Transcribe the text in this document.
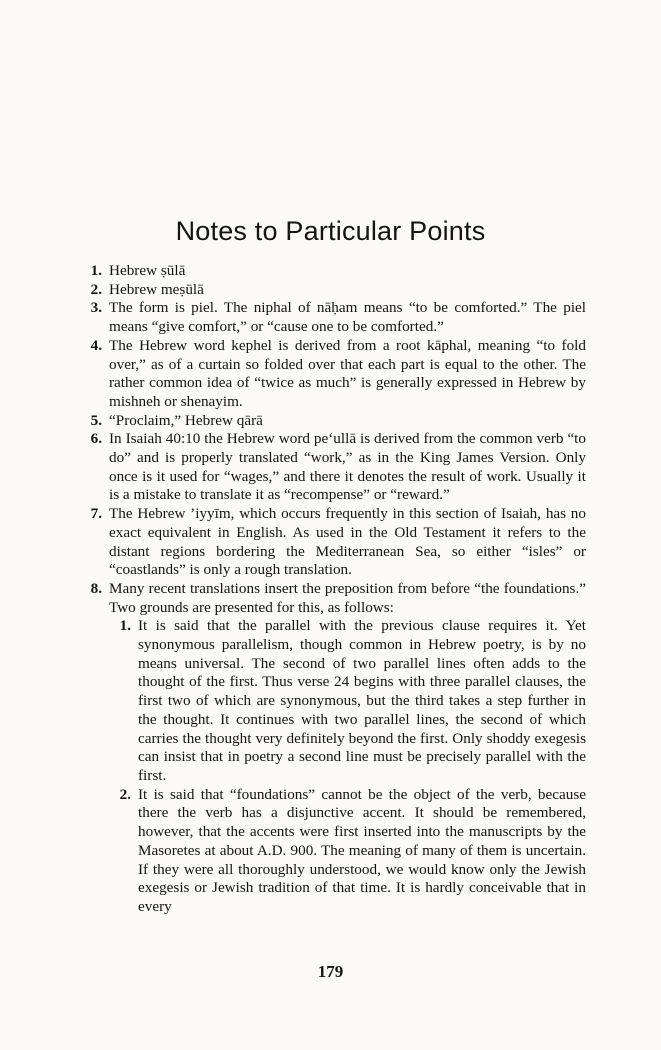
Notes to Particular Points
1. Hebrew ṣūlā
2. Hebrew meṣūlā
3. The form is piel. The niphal of nāḥam means “to be comforted.” The piel means “give comfort,” or “cause one to be comforted.”
4. The Hebrew word kephel is derived from a root kāphal, meaning “to fold over,” as of a curtain so folded over that each part is equal to the other. The rather common idea of “twice as much” is generally expressed in Hebrew by mishneh or shenayim.
5. “Proclaim,” Hebrew qārā
6. In Isaiah 40:10 the Hebrew word pe‘ullā is derived from the common verb “to do” and is properly translated “work,” as in the King James Version. Only once is it used for “wages,” and there it denotes the result of work. Usually it is a mistake to translate it as “recompense” or “reward.”
7. The Hebrew ’iyyīm, which occurs frequently in this section of Isaiah, has no exact equivalent in English. As used in the Old Testament it refers to the distant regions bordering the Mediterranean Sea, so either “isles” or “coastlands” is only a rough translation.
8. Many recent translations insert the preposition from before “the foundations.” Two grounds are presented for this, as follows:
1. It is said that the parallel with the previous clause requires it. Yet synonymous parallelism, though common in Hebrew poetry, is by no means universal. The second of two parallel lines often adds to the thought of the first. Thus verse 24 begins with three parallel clauses, the first two of which are synonymous, but the third takes a step further in the thought. It continues with two parallel lines, the second of which carries the thought very definitely beyond the first. Only shoddy exegesis can insist that in poetry a second line must be precisely parallel with the first.
2. It is said that “foundations” cannot be the object of the verb, because there the verb has a disjunctive accent. It should be remembered, however, that the accents were first inserted into the manuscripts by the Masoretes at about A.D. 900. The meaning of many of them is uncertain. If they were all thoroughly understood, we would know only the Jewish exegesis or Jewish tradition of that time. It is hardly conceivable that in every
179
